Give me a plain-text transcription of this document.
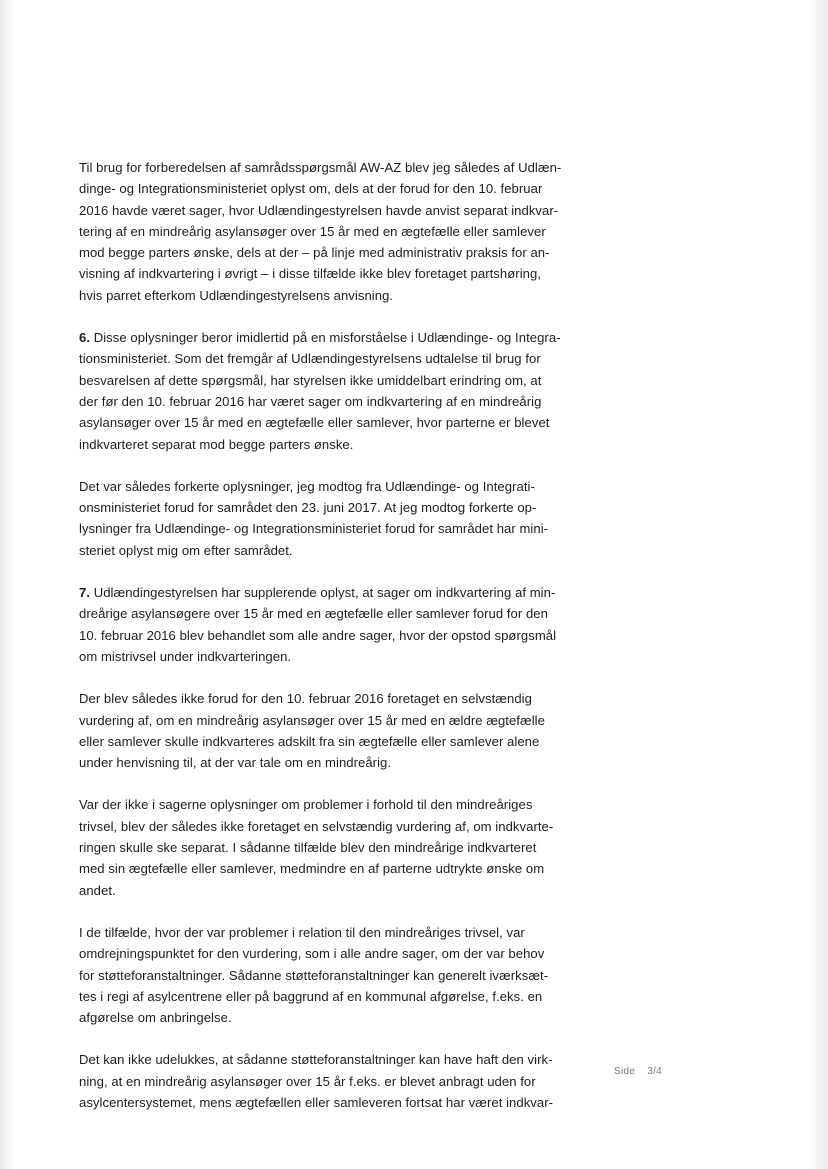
Til brug for forberedelsen af samrådsspørgsmål AW-AZ blev jeg således af Udlæn-
dinge- og Integrationsministeriet oplyst om, dels at der forud for den 10. februar
2016 havde været sager, hvor Udlændingestyrelsen havde anvist separat indkvar-
tering af en mindreårig asylansøger over 15 år med en ægtefælle eller samlever
mod begge parters ønske, dels at der – på linje med administrativ praksis for an-
visning af indkvartering i øvrigt – i disse tilfælde ikke blev foretaget partshøring,
hvis parret efterkom Udlændingestyrelsens anvisning.

6. Disse oplysninger beror imidlertid på en misforståelse i Udlændinge- og Integra-
tionsministeriet. Som det fremgår af Udlændingestyrelsens udtalelse til brug for
besvarelsen af dette spørgsmål, har styrelsen ikke umiddelbart erindring om, at
der før den 10. februar 2016 har været sager om indkvartering af en mindreårig
asylansøger over 15 år med en ægtefælle eller samlever, hvor parterne er blevet
indkvarteret separat mod begge parters ønske.

Det var således forkerte oplysninger, jeg modtog fra Udlændinge- og Integrati-
onsministeriet forud for samrådet den 23. juni 2017. At jeg modtog forkerte op-
lysninger fra Udlændinge- og Integrationsministeriet forud for samrådet har mini-
steriet oplyst mig om efter samrådet.

7. Udlændingestyrelsen har supplerende oplyst, at sager om indkvartering af min-
dreårige asylansøgere over 15 år med en ægtefælle eller samlever forud for den
10. februar 2016 blev behandlet som alle andre sager, hvor der opstod spørgsmål
om mistrivsel under indkvarteringen.

Der blev således ikke forud for den 10. februar 2016 foretaget en selvstændig
vurdering af, om en mindreårig asylansøger over 15 år med en ældre ægtefælle
eller samlever skulle indkvarteres adskilt fra sin ægtefælle eller samlever alene
under henvisning til, at der var tale om en mindreårig.

Var der ikke i sagerne oplysninger om problemer i forhold til den mindreåriges
trivsel, blev der således ikke foretaget en selvstændig vurdering af, om indkvarte-
ringen skulle ske separat. I sådanne tilfælde blev den mindreårige indkvarteret
med sin ægtefælle eller samlever, medmindre en af parterne udtrykte ønske om
andet.

I de tilfælde, hvor der var problemer i relation til den mindreåriges trivsel, var
omdrejningspunktet for den vurdering, som i alle andre sager, om der var behov
for støtteforanstaltninger. Sådanne støtteforanstaltninger kan generelt iværksæt-
tes i regi af asylcentrene eller på baggrund af en kommunal afgørelse, f.eks. en
afgørelse om anbringelse.

Det kan ikke udelukkes, at sådanne støtteforanstaltninger kan have haft den virk-
ning, at en mindreårig asylansøger over 15 år f.eks. er blevet anbragt uden for
asylcentersystemet, mens ægtefællen eller samleveren fortsat har været indkvar-

Side 3/4
